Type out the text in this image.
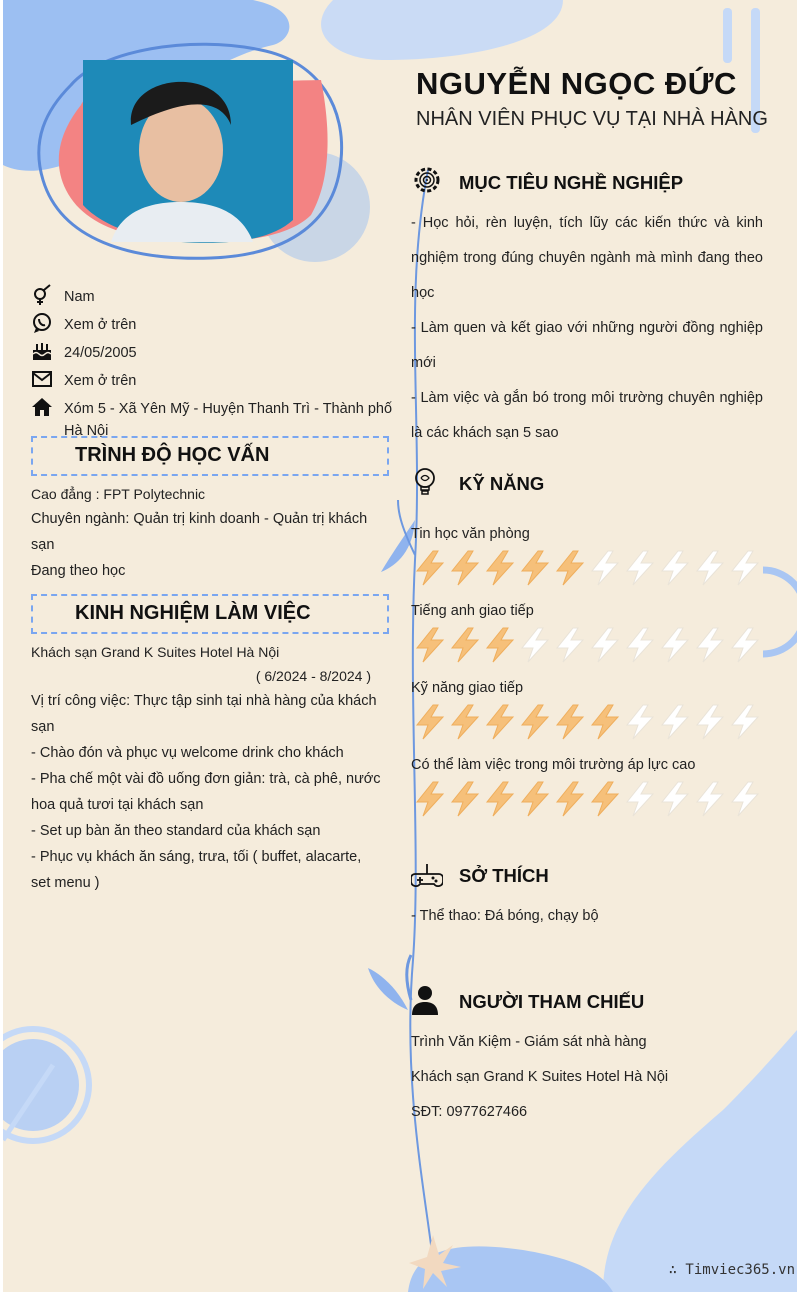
NGUYỄN NGỌC ĐỨC
NHÂN VIÊN PHỤC VỤ TẠI NHÀ HÀNG
Nam
Xem ở trên
24/05/2005
Xem ở trên
Xóm 5 - Xã Yên Mỹ - Huyện Thanh Trì - Thành phố Hà Nội
TRÌNH ĐỘ HỌC VẤN
Cao đẳng : FPT Polytechnic
Chuyên ngành: Quản trị kinh doanh - Quản trị khách sạn
Đang theo học
KINH NGHIỆM LÀM VIỆC
Khách sạn Grand K Suites Hotel Hà Nội
( 6/2024 - 8/2024 )
Vị trí công việc: Thực tập sinh tại nhà hàng của khách sạn
- Chào đón và phục vụ welcome drink cho khách
- Pha chế một vài đồ uống đơn giản: trà, cà phê, nước hoa quả tươi tại khách sạn
- Set up bàn ăn theo standard của khách sạn
- Phục vụ khách ăn sáng, trưa, tối ( buffet, alacarte, set menu )
MỤC TIÊU NGHỀ NGHIỆP
- Học hỏi, rèn luyện, tích lũy các kiến thức và kinh nghiệm trong đúng chuyên ngành mà mình đang theo học
- Làm quen và kết giao với những người đồng nghiệp mới
- Làm việc và gắn bó trong môi trường chuyên nghiệp là các khách sạn 5 sao
KỸ NĂNG
Tin học văn phòng
Tiếng anh giao tiếp
Kỹ năng giao tiếp
Có thể làm việc trong môi trường áp lực cao
SỞ THÍCH
- Thể thao: Đá bóng, chạy bộ
NGƯỜI THAM CHIẾU
Trình Văn Kiệm - Giám sát nhà hàng
Khách sạn Grand K Suites Hotel Hà Nội
SĐT: 0977627466
∴ Timviec365.vn
